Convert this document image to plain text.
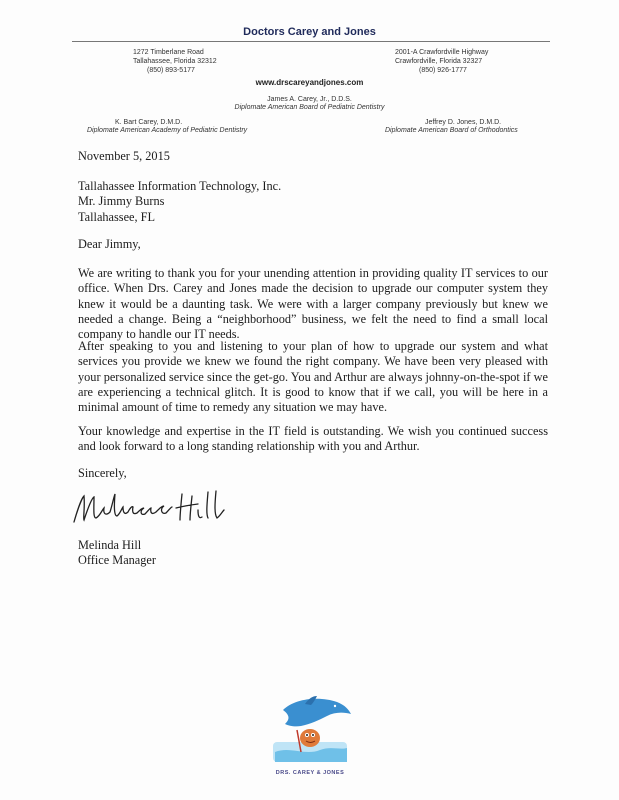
Doctors Carey and Jones
1272 Timberlane Road
Tallahassee, Florida 32312
(850) 893-5177
2001-A Crawfordville Highway
Crawfordville, Florida 32327
(850) 926-1777
www.drscareyandjones.com
James A. Carey, Jr., D.D.S.
Diplomate American Board of Pediatric Dentistry
K. Bart Carey, D.M.D.
Diplomate American Academy of Pediatric Dentistry
Jeffrey D. Jones, D.M.D.
Diplomate American Board of Orthodontics
November 5, 2015
Tallahassee Information Technology, Inc.
Mr. Jimmy Burns
Tallahassee, FL
Dear Jimmy,

We are writing to thank you for your unending attention in providing quality IT services to our office. When Drs. Carey and Jones made the decision to upgrade our computer system they knew it would be a daunting task. We were with a larger company previously but knew we needed a change. Being a “neighborhood” business, we felt the need to find a small local company to handle our IT needs.

After speaking to you and listening to your plan of how to upgrade our system and what services you provide we knew we found the right company. We have been very pleased with your personalized service since the get-go. You and Arthur are always johnny-on-the-spot if we are experiencing a technical glitch. It is good to know that if we call, you will be here in a minimal amount of time to remedy any situation we may have.

Your knowledge and expertise in the IT field is outstanding. We wish you continued success and look forward to a long standing relationship with you and Arthur.

Sincerely,
Melinda Hill
Office Manager
DRS. CAREY & JONES
